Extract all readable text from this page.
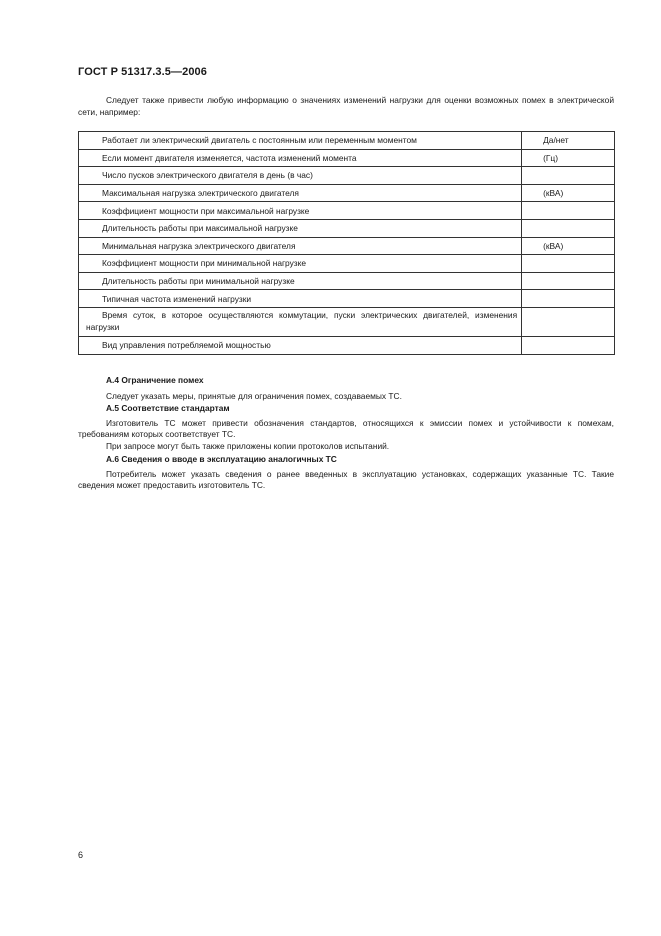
ГОСТ Р 51317.3.5—2006
Следует также привести любую информацию о значениях изменений нагрузки для оценки возможных помех в электрической сети, например:
Работает ли электрический двигатель с постоянным или переменным моментом	Да/нет
Если момент двигателя изменяется, частота изменений момента	(Гц)
Число пусков электрического двигателя в день (в час)	
Максимальная нагрузка электрического двигателя	(кВА)
Коэффициент мощности при максимальной нагрузке	
Длительность работы при максимальной нагрузке	
Минимальная нагрузка электрического двигателя	(кВА)
Коэффициент мощности при минимальной нагрузке	
Длительность работы при минимальной нагрузке	
Типичная частота изменений нагрузки	
Время суток, в которое осуществляются коммутации, пуски электрических двигателей, изменения нагрузки	
Вид управления потребляемой мощностью	
А.4 Ограничение помех
Следует указать меры, принятые для ограничения помех, создаваемых ТС.
А.5 Соответствие стандартам
Изготовитель ТС может привести обозначения стандартов, относящихся к эмиссии помех и устойчивости к помехам, требованиям которых соответствует ТС.
При запросе могут быть также приложены копии протоколов испытаний.
А.6 Сведения о вводе в эксплуатацию аналогичных ТС
Потребитель может указать сведения о ранее введенных в эксплуатацию установках, содержащих указанные ТС. Такие сведения может предоставить изготовитель ТС.
6
